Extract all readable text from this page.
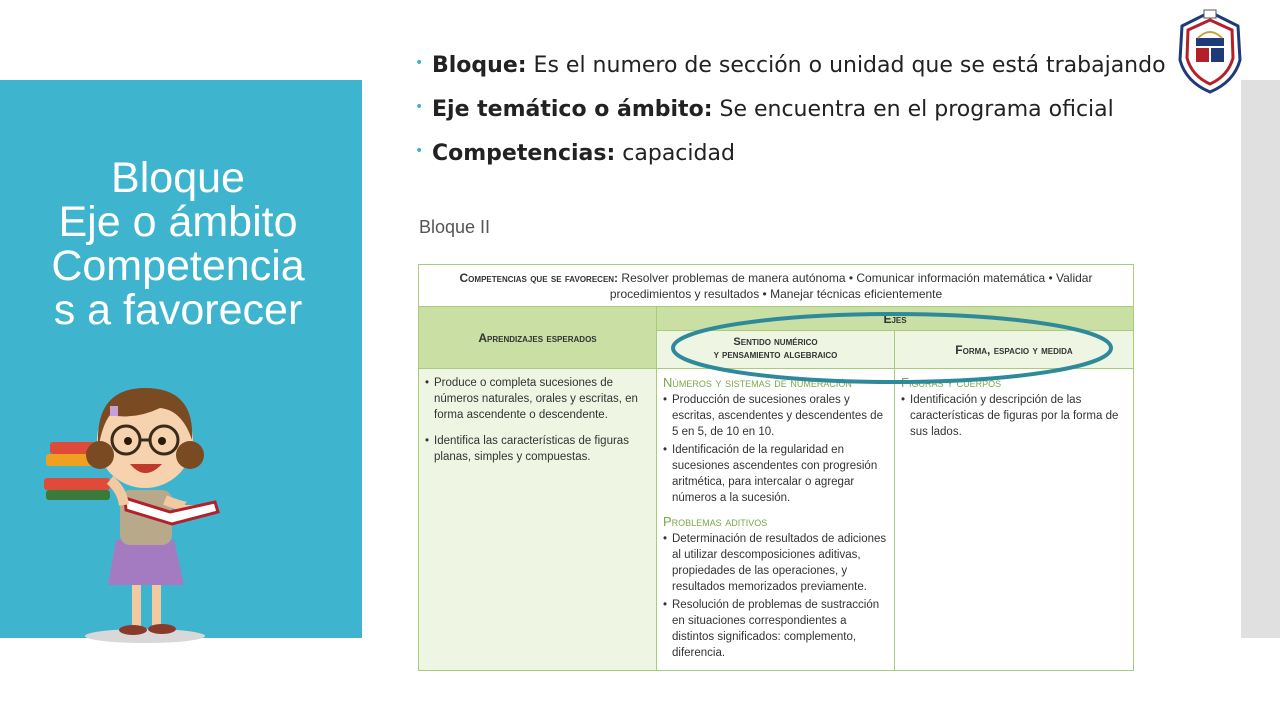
Bloque
Eje o ámbito
Competencia
s a favorecer
• Bloque: Es el numero de sección o unidad que se está trabajando
• Eje temático o ámbito: Se encuentra en el programa oficial
• Competencias: capacidad
Bloque II
Competencias que se favorecen: Resolver problemas de manera autónoma • Comunicar información matemática • Validar procedimientos y resultados • Manejar técnicas eficientemente
Aprendizajes esperados
Ejes
Sentido numérico
y pensamiento algebraico	Forma, espacio y medida
• Produce o completa sucesiones de números naturales, orales y escritas, en forma ascendente o descendente.
• Identifica las características de figuras planas, simples y compuestas.
Números y sistemas de numeración
• Producción de sucesiones orales y escritas, ascendentes y descendentes de 5 en 5, de 10 en 10.
• Identificación de la regularidad en sucesiones ascendentes con progresión aritmética, para intercalar o agregar números a la sucesión.
Problemas aditivos
• Determinación de resultados de adiciones al utilizar descomposiciones aditivas, propiedades de las operaciones, y resultados memorizados previamente.
• Resolución de problemas de sustracción en situaciones correspondientes a distintos significados: complemento, diferencia.
Figuras y cuerpos
• Identificación y descripción de las características de figuras por la forma de sus lados.
